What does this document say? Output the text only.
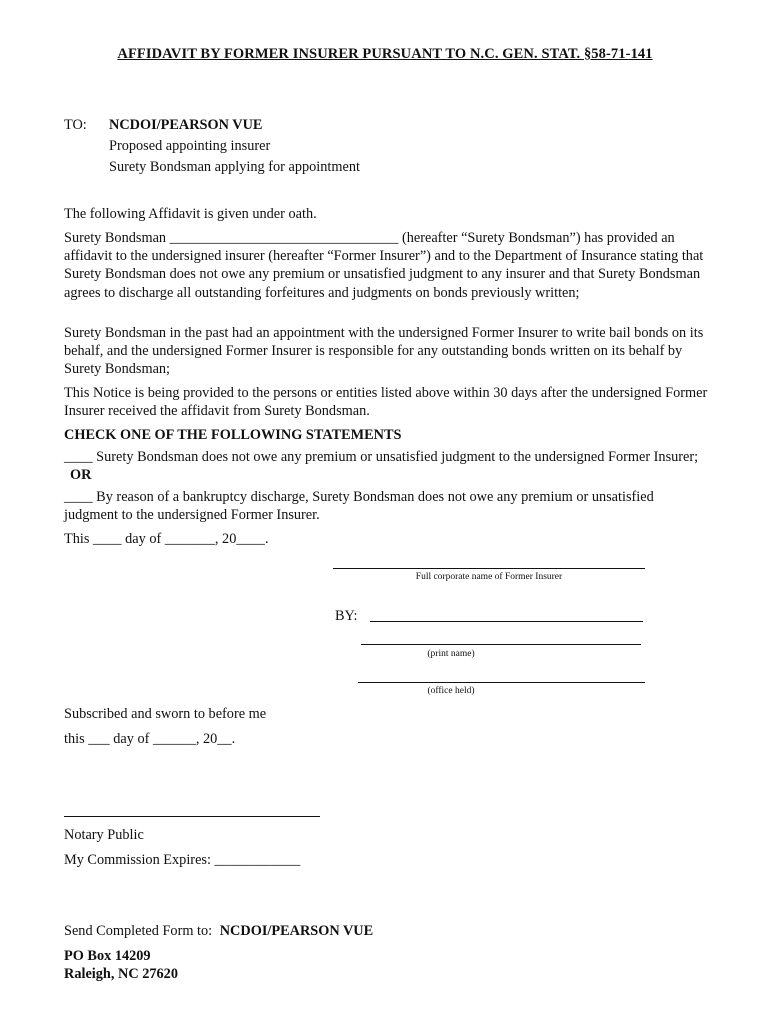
AFFIDAVIT BY FORMER INSURER PURSUANT TO N.C. GEN. STAT. §58-71-141
TO: NCDOI/PEARSON VUE
Proposed appointing insurer
Surety Bondsman applying for appointment
The following Affidavit is given under oath.
Surety Bondsman ________________________________ (hereafter “Surety Bondsman”) has provided an affidavit to the undersigned insurer (hereafter “Former Insurer”) and to the Department of Insurance stating that Surety Bondsman does not owe any premium or unsatisfied judgment to any insurer and that Surety Bondsman agrees to discharge all outstanding forfeitures and judgments on bonds previously written;
Surety Bondsman in the past had an appointment with the undersigned Former Insurer to write bail bonds on its behalf, and the undersigned Former Insurer is responsible for any outstanding bonds written on its behalf by Surety Bondsman;
This Notice is being provided to the persons or entities listed above within 30 days after the undersigned Former Insurer received the affidavit from Surety Bondsman.
CHECK ONE OF THE FOLLOWING STATEMENTS
____ Surety Bondsman does not owe any premium or unsatisfied judgment to the undersigned Former Insurer; OR
____ By reason of a bankruptcy discharge, Surety Bondsman does not owe any premium or unsatisfied judgment to the undersigned Former Insurer.
This ____ day of _______, 20____.
Full corporate name of Former Insurer
BY:
(print name)
(office held)
Subscribed and sworn to before me
this ___ day of ______, 20__.
Notary Public
My Commission Expires: ____________
Send Completed Form to: NCDOI/PEARSON VUE
PO Box 14209
Raleigh, NC 27620
